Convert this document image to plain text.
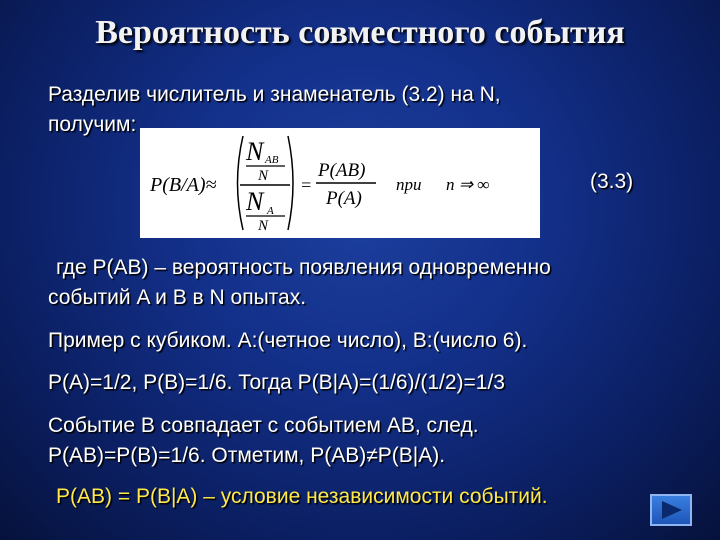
Вероятность совместного события
Разделив числитель и знаменатель (3.2) на N,
получим:
P(B/A)≈
N AB
N
N A
N
=
P(AB)
P(A)
при n ⇒ ∞	(3.3)
где P(AB) – вероятность появления одновременно
событий A и B в N опытах.
Пример с кубиком. A:(четное число), B:(число 6).
P(A)=1/2, P(B)=1/6. Тогда P(B|A)=(1/6)/(1/2)=1/3
Событие B совпадает с событием AB, след.
P(AB)=P(B)=1/6. Отметим, P(AB)≠P(B|A).
P(AB) = P(B|A) – условие независимости событий.
